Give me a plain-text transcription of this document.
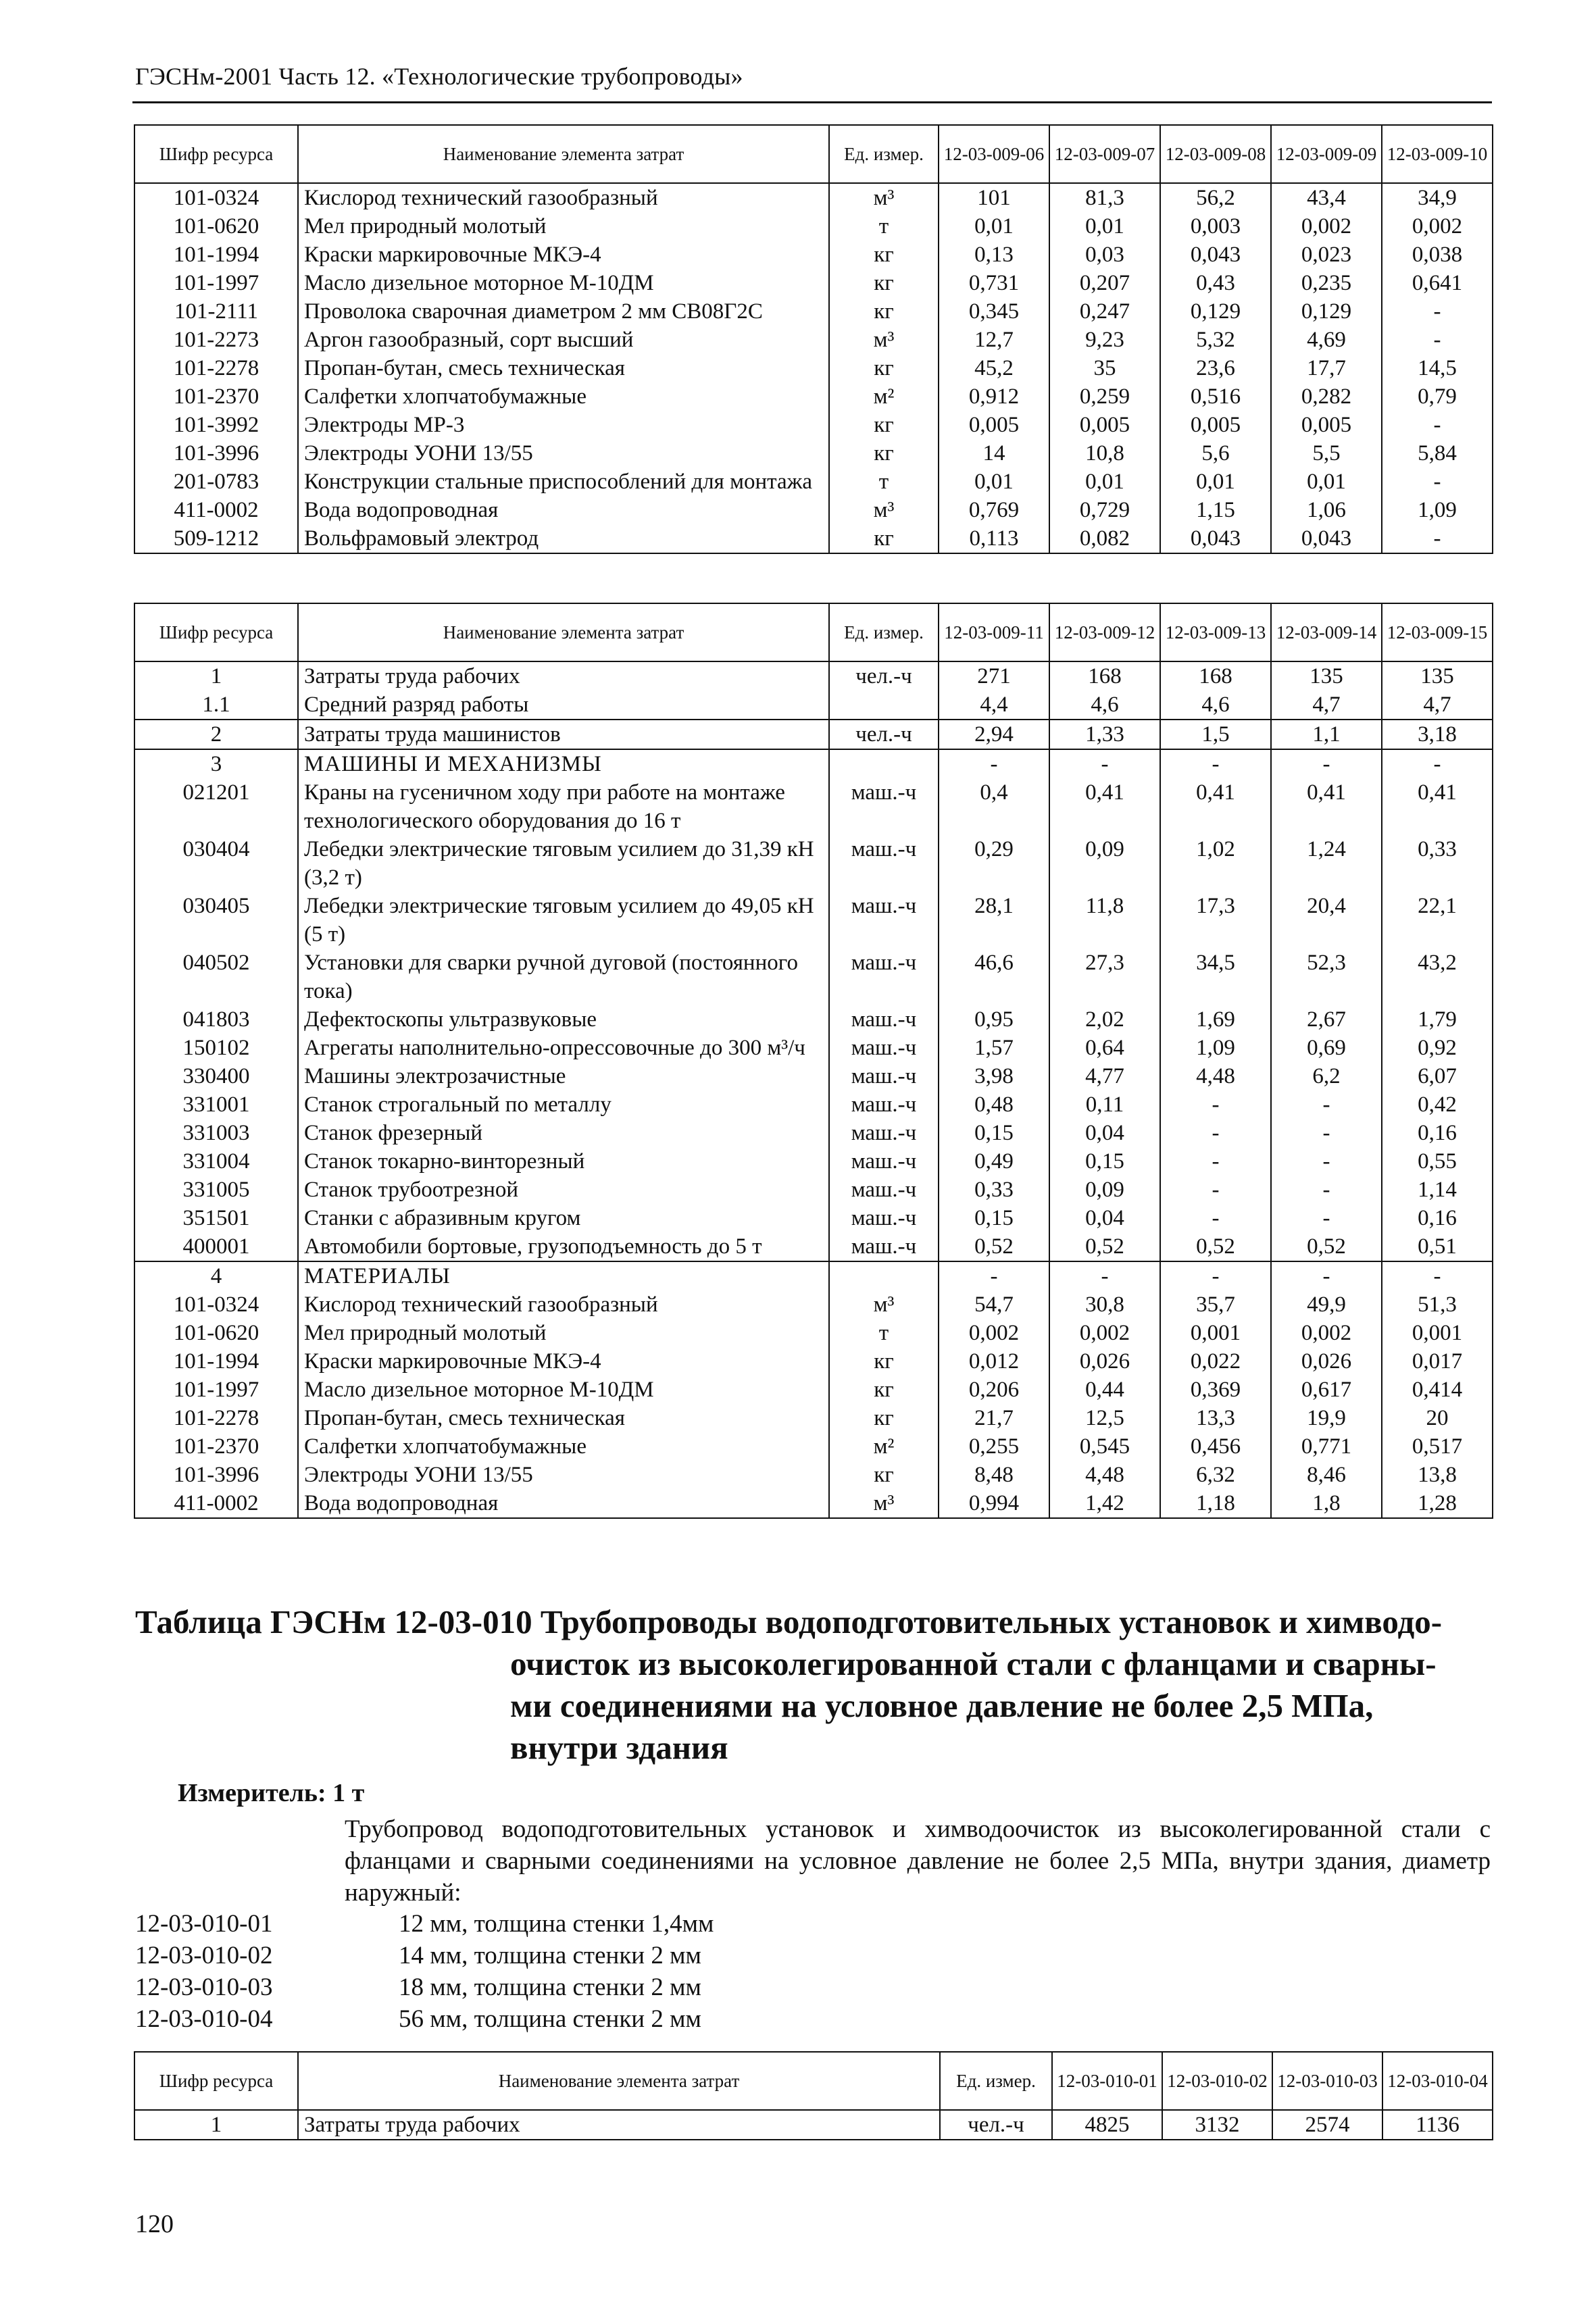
ГЭСНм-2001 Часть 12. «Технологические трубопроводы»
Шифр ресурса	Наименование элемента затрат	Ед. измер.	12-03-009-06	12-03-009-07	12-03-009-08	12-03-009-09	12-03-009-10
101-0324	Кислород технический газообразный	м³	101	81,3	56,2	43,4	34,9
101-0620	Мел природный молотый	т	0,01	0,01	0,003	0,002	0,002
101-1994	Краски маркировочные МКЭ-4	кг	0,13	0,03	0,043	0,023	0,038
101-1997	Масло дизельное моторное М-10ДМ	кг	0,731	0,207	0,43	0,235	0,641
101-2111	Проволока сварочная диаметром 2 мм СВ08Г2С	кг	0,345	0,247	0,129	0,129	-
101-2273	Аргон газообразный, сорт высший	м³	12,7	9,23	5,32	4,69	-
101-2278	Пропан-бутан, смесь техническая	кг	45,2	35	23,6	17,7	14,5
101-2370	Салфетки хлопчатобумажные	м²	0,912	0,259	0,516	0,282	0,79
101-3992	Электроды МР-3	кг	0,005	0,005	0,005	0,005	-
101-3996	Электроды УОНИ 13/55	кг	14	10,8	5,6	5,5	5,84
201-0783	Конструкции стальные приспособлений для монтажа	т	0,01	0,01	0,01	0,01	-
411-0002	Вода водопроводная	м³	0,769	0,729	1,15	1,06	1,09
509-1212	Вольфрамовый электрод	кг	0,113	0,082	0,043	0,043	-
Шифр ресурса	Наименование элемента затрат	Ед. измер.	12-03-009-11	12-03-009-12	12-03-009-13	12-03-009-14	12-03-009-15
1	Затраты труда рабочих	чел.-ч	271	168	168	135	135
1.1	Средний разряд работы		4,4	4,6	4,6	4,7	4,7
2	Затраты труда машинистов	чел.-ч	2,94	1,33	1,5	1,1	3,18
3	МАШИНЫ И МЕХАНИЗМЫ		-	-	-	-	-
021201	Краны на гусеничном ходу при работе на монтаже технологического оборудования до 16 т	маш.-ч	0,4	0,41	0,41	0,41	0,41
030404	Лебедки электрические тяговым усилием до 31,39 кН (3,2 т)	маш.-ч	0,29	0,09	1,02	1,24	0,33
030405	Лебедки электрические тяговым усилием до 49,05 кН (5 т)	маш.-ч	28,1	11,8	17,3	20,4	22,1
040502	Установки для сварки ручной дуговой (постоянного тока)	маш.-ч	46,6	27,3	34,5	52,3	43,2
041803	Дефектоскопы ультразвуковые	маш.-ч	0,95	2,02	1,69	2,67	1,79
150102	Агрегаты наполнительно-опрессовочные до 300 м³/ч	маш.-ч	1,57	0,64	1,09	0,69	0,92
330400	Машины электрозачистные	маш.-ч	3,98	4,77	4,48	6,2	6,07
331001	Станок строгальный по металлу	маш.-ч	0,48	0,11	-	-	0,42
331003	Станок фрезерный	маш.-ч	0,15	0,04	-	-	0,16
331004	Станок токарно-винторезный	маш.-ч	0,49	0,15	-	-	0,55
331005	Станок трубоотрезной	маш.-ч	0,33	0,09	-	-	1,14
351501	Станки с абразивным кругом	маш.-ч	0,15	0,04	-	-	0,16
400001	Автомобили бортовые, грузоподъемность до 5 т	маш.-ч	0,52	0,52	0,52	0,52	0,51
4	МАТЕРИАЛЫ		-	-	-	-	-
101-0324	Кислород технический газообразный	м³	54,7	30,8	35,7	49,9	51,3
101-0620	Мел природный молотый	т	0,002	0,002	0,001	0,002	0,001
101-1994	Краски маркировочные МКЭ-4	кг	0,012	0,026	0,022	0,026	0,017
101-1997	Масло дизельное моторное М-10ДМ	кг	0,206	0,44	0,369	0,617	0,414
101-2278	Пропан-бутан, смесь техническая	кг	21,7	12,5	13,3	19,9	20
101-2370	Салфетки хлопчатобумажные	м²	0,255	0,545	0,456	0,771	0,517
101-3996	Электроды УОНИ 13/55	кг	8,48	4,48	6,32	8,46	13,8
411-0002	Вода водопроводная	м³	0,994	1,42	1,18	1,8	1,28
Таблица ГЭСНм 12-03-010 Трубопроводы водоподготовительных установок и химводо-
очисток из высоколегированной стали с фланцами и сварны-
ми соединениями на условное давление не более 2,5 МПа,
внутри здания
Измеритель: 1 т
Трубопровод водоподготовительных установок и химводоочисток из высоколегированной стали с фланцами и сварными соединениями на условное давление не более 2,5 МПа, внутри здания, диаметр наружный:
12-03-010-01	12 мм, толщина стенки 1,4мм
12-03-010-02	14 мм, толщина стенки 2 мм
12-03-010-03	18 мм, толщина стенки 2 мм
12-03-010-04	56 мм, толщина стенки 2 мм
Шифр ресурса	Наименование элемента затрат	Ед. измер.	12-03-010-01	12-03-010-02	12-03-010-03	12-03-010-04
1	Затраты труда рабочих	чел.-ч	4825	3132	2574	1136
120
